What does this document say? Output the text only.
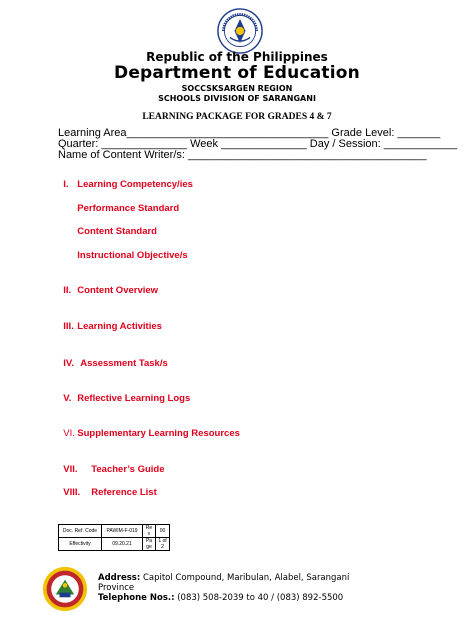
Republic of the Philippines
Department of Education
SOCCSKSARGEN REGION
SCHOOLS DIVISION OF SARANGANI
LEARNING PACKAGE FOR GRADES 4 & 7
Learning Area_________________________________ Grade Level: _______
Quarter: ______________ Week ______________ Day / Session: ____________
Name of Content Writer/s: _______________________________________

I. Learning Competency/ies

Performance Standard

Content Standard

Instructional Objective/s

II. Content Overview

III. Learning Activities

IV. Assessment Task/s

V. Reflective Learning Logs

VI. Supplementary Learning Resources

VII. Teacher’s Guide

VIII. Reference List

Doc. Ref. Code	PAWIM-F-019	Re v	00
Effectivity	09.20.21	Pa ge	1 of 2
Address: Capitol Compound, Maribulan, Alabel, Sarangani Province
Telephone Nos.: (083) 508-2039 to 40 / (083) 892-5500
